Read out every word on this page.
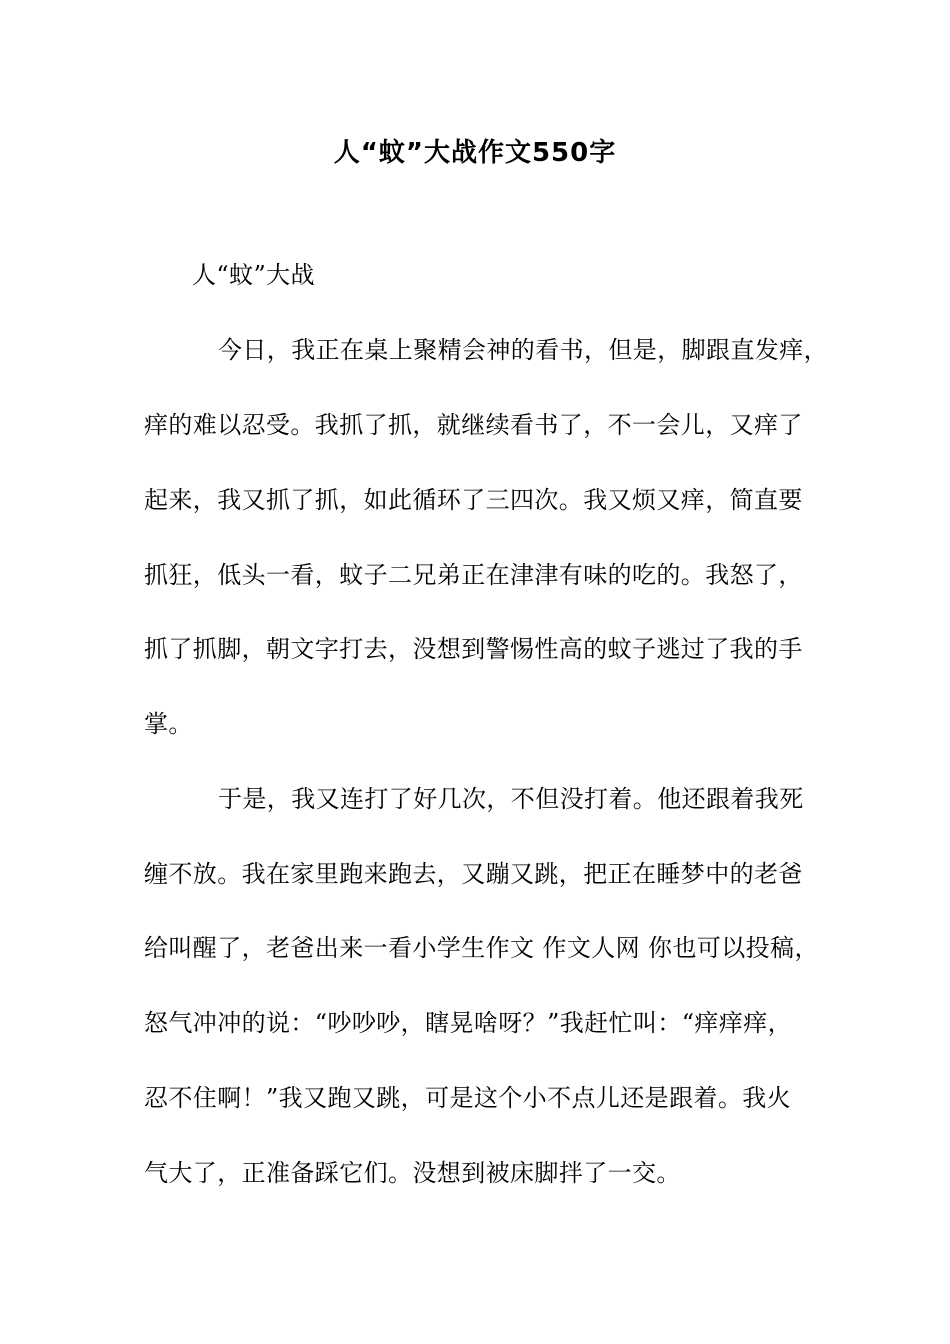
人“蚊”大战作文550字
人“蚊”大战
今日，我正在桌上聚精会神的看书，但是，脚跟直发痒，
痒的难以忍受。我抓了抓，就继续看书了，不一会儿，又痒了
起来，我又抓了抓，如此循环了三四次。我又烦又痒，简直要
抓狂，低头一看，蚊子二兄弟正在津津有味的吃的。我怒了，
抓了抓脚，朝文字打去，没想到警惕性高的蚊子逃过了我的手
掌。
于是，我又连打了好几次，不但没打着。他还跟着我死
缠不放。我在家里跑来跑去，又蹦又跳，把正在睡梦中的老爸
给叫醒了，老爸出来一看小学生作文 作文人网 你也可以投稿，
怒气冲冲的说：“吵吵吵，瞎晃啥呀？”我赶忙叫：“痒痒痒，
忍不住啊！”我又跑又跳，可是这个小不点儿还是跟着。我火
气大了，正准备踩它们。没想到被床脚拌了一交。
